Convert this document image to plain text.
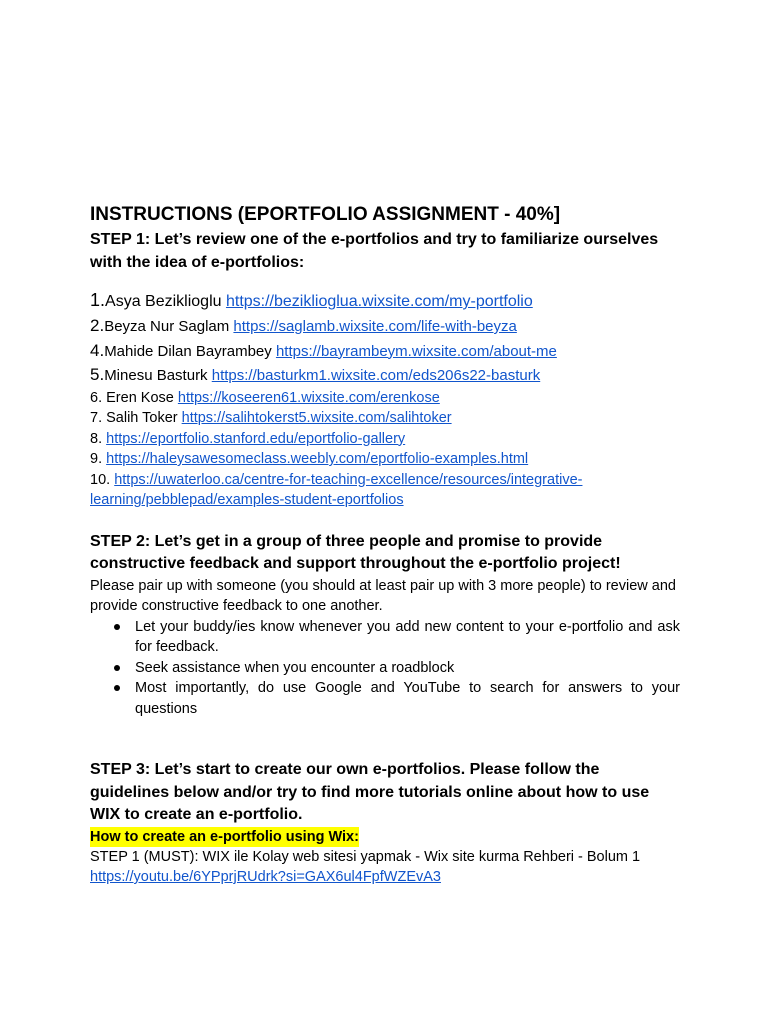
INSTRUCTIONS (EPORTFOLIO ASSIGNMENT - 40%]

STEP 1: Let’s review one of the e-portfolios and try to familiarize ourselves with the idea of e-portfolios:

1.Asya Bezikliogl​u https://beziklioglua.wixsite.com/my-portfolio
2.Beyza Nur Saglam https://saglamb.wixsite.com/life-with-beyza
4.Mahide Dilan Bayrambey https://bayrambeym.wixsite.com/about-me
5.Minesu Basturk https://basturkm1.wixsite.com/eds206s22-basturk
6. Eren Kose https://koseeren61.wixsite.com/erenkose
7. Salih Toker https://salihtokerst5.wixsite.com/salihtoker
8. https://eportfolio.stanford.edu/eportfolio-gallery
9. https://haleysawesomeclass.weebly.com/eportfolio-examples.html
10. https://uwaterloo.ca/centre-for-teaching-excellence/resources/integrative-learning/pebblepad/examples-student-eportfolios

STEP 2: Let’s get in a group of three people and promise to provide constructive feedback and support throughout the e-portfolio project!

Please pair up with someone (you should at least pair up with 3 more people) to review and provide constructive feedback to one another.

Let your buddy/ies know whenever you add new content to your e-portfolio and ask for feedback.
Seek assistance when you encounter a roadblock
Most importantly, do use Google and YouTube to search for answers to your questions

STEP 3: Let’s start to create our own e-portfolios. Please follow the guidelines below and/or try to find more tutorials online about how to use WIX to create an e-portfolio.

How to create an e-portfolio using Wix:

STEP 1 (MUST): WIX ile Kolay web sitesi yapmak - Wix site kurma Rehberi - Bolum 1

https://youtu.be/6YPprjRUdrk?si=GAX6ul4FpfWZEvA3
